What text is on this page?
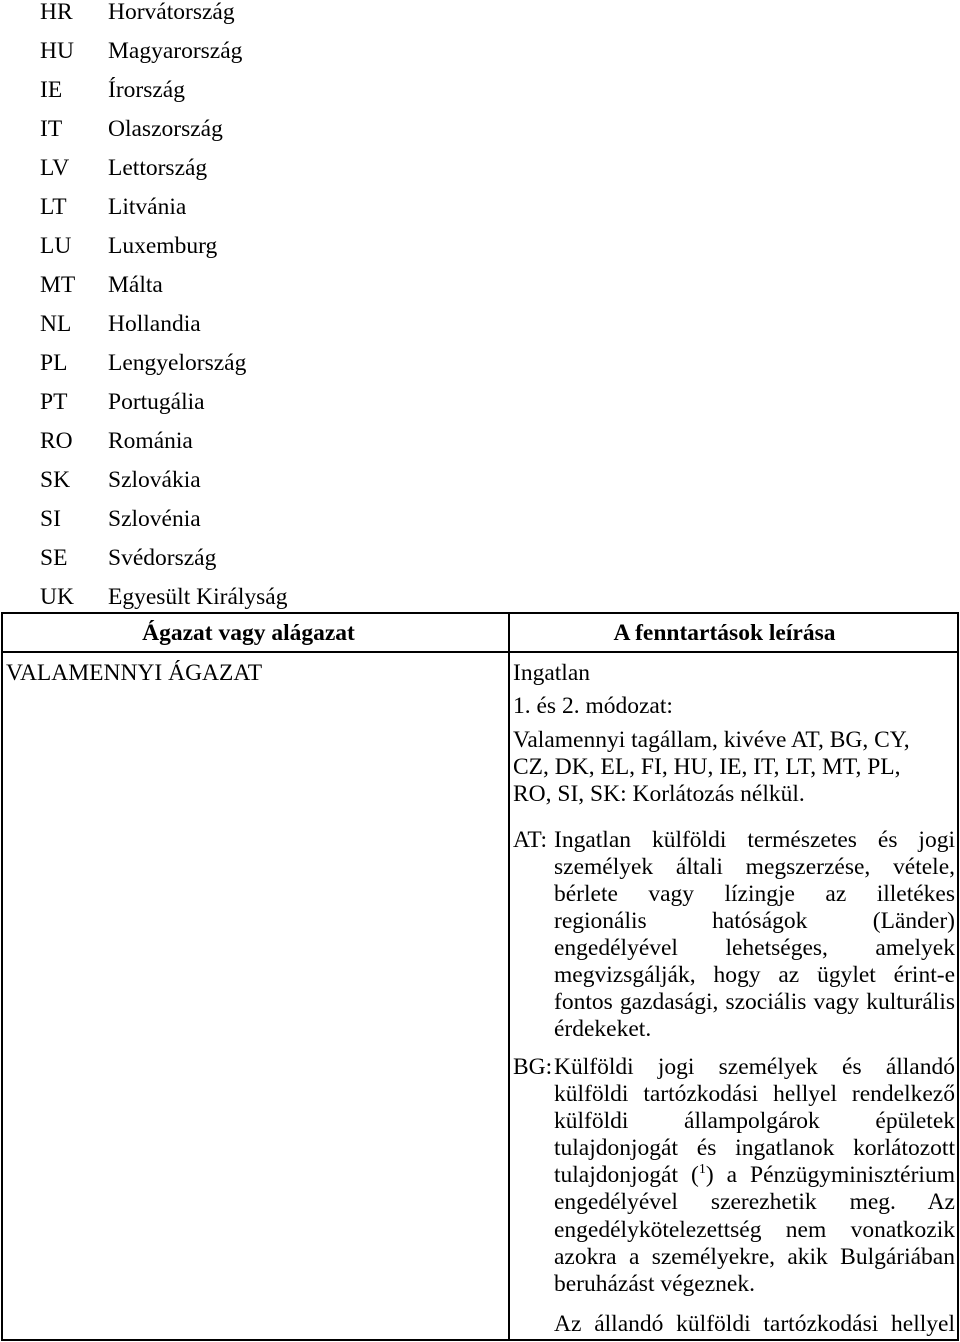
HR Horvátország
HU Magyarország
IE Írország
IT Olaszország
LV Lettország
LT Litvánia
LU Luxemburg
MT Málta
NL Hollandia
PL Lengyelország
PT Portugália
RO Románia
SK Szlovákia
SI Szlovénia
SE Svédország
UK Egyesült Királyság
Ágazat vagy alágazat	A fenntartások leírása
VALAMENNYI ÁGAZAT	Ingatlan
1. és 2. módozat:
Valamennyi tagállam, kivéve AT, BG, CY,
CZ, DK, EL, FI, HU, IE, IT, LT, MT, PL,
RO, SI, SK: Korlátozás nélkül.
AT: Ingatlan külföldi természetes és jogi
személyek általi megszerzése, vétele,
bérlete vagy lízingje az illetékes
regionális hatóságok (Länder)
engedélyével lehetséges, amelyek
megvizsgálják, hogy az ügylet érint-e
fontos gazdasági, szociális vagy kulturális
érdekeket.
BG: Külföldi jogi személyek és állandó
külföldi tartózkodási hellyel rendelkező
külföldi állampolgárok épületek
tulajdonjogát és ingatlanok korlátozott
tulajdonjogát ($^1$) a Pénzügyminisztérium
engedélyével szerezhetik meg. Az
engedélykötelezettség nem vonatkozik
azokra a személyekre, akik Bulgáriában
beruházást végeznek.
Az állandó külföldi tartózkodási hellyel
